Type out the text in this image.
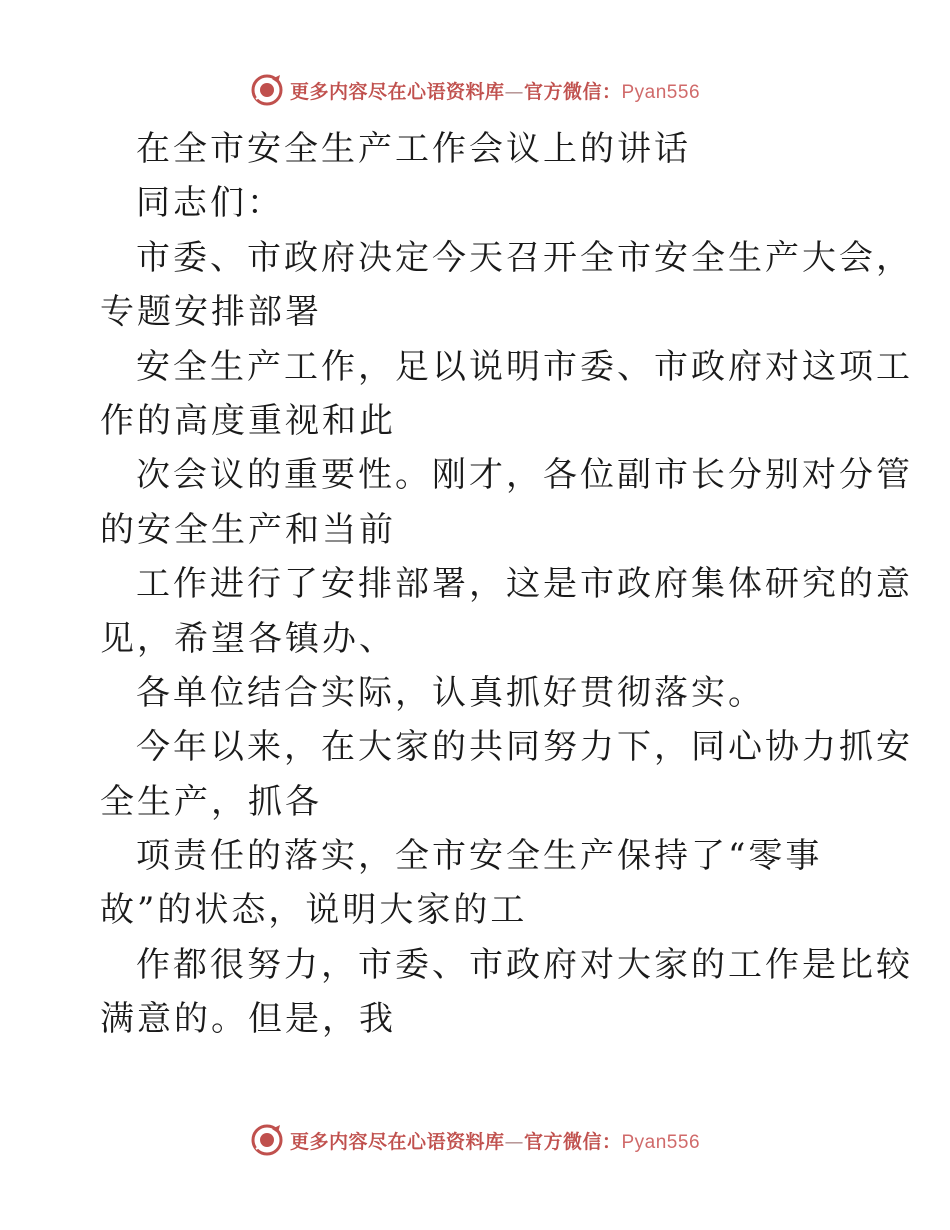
更多内容尽在心语资料库—官方微信：Pyan556
在全市安全生产工作会议上的讲话
同志们：
市委、市政府决定今天召开全市安全生产大会，
专题安排部署
安全生产工作，足以说明市委、市政府对这项工
作的高度重视和此
次会议的重要性。刚才，各位副市长分别对分管
的安全生产和当前
工作进行了安排部署，这是市政府集体研究的意
见，希望各镇办、
各单位结合实际，认真抓好贯彻落实。
今年以来，在大家的共同努力下，同心协力抓安
全生产，抓各
项责任的落实，全市安全生产保持了“零事
故”的状态，说明大家的工
作都很努力，市委、市政府对大家的工作是比较
满意的。但是，我
更多内容尽在心语资料库—官方微信：Pyan556
